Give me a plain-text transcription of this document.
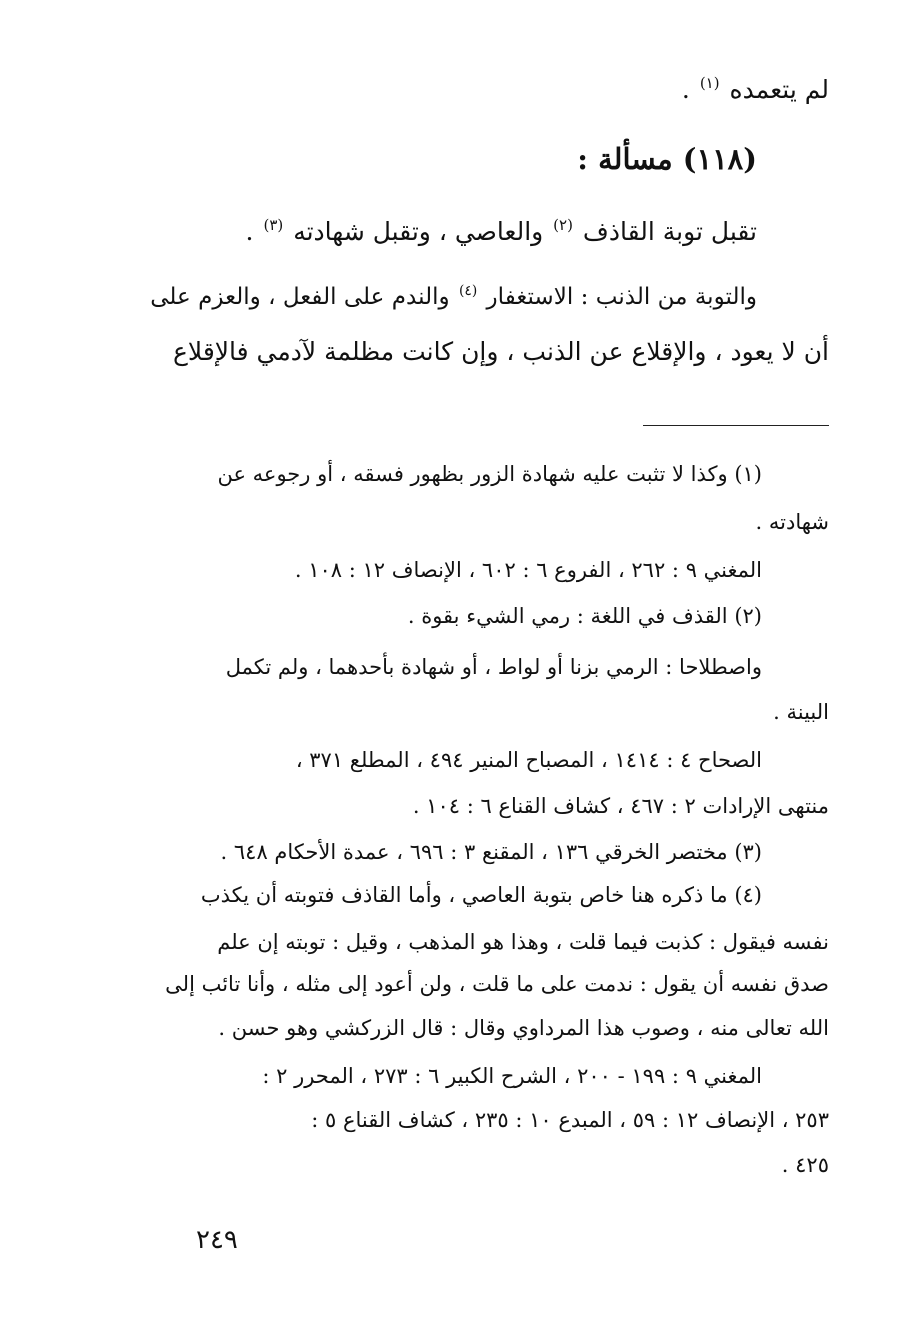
لم يتعمده $^{(١)}$ .
(١١٨) مسألة :
تقبل توبة القاذف $^{(٢)}$ والعاصي ، وتقبل شهادته $^{(٣)}$ .
والتوبة من الذنب : الاستغفار $^{(٤)}$ والندم على الفعل ، والعزم على
أن لا يعود ، والإقلاع عن الذنب ، وإن كانت مظلمة لآدمي فالإقلاع
(١) وكذا لا تثبت عليه شهادة الزور بظهور فسقه ، أو رجوعه عن
شهادته .
المغني ٩ : ٢٦٢ ، الفروع ٦ : ٦٠٢ ، الإنصاف ١٢ : ١٠٨ .
(٢) القذف في اللغة : رمي الشيء بقوة .
واصطلاحا : الرمي بزنا أو لواط ، أو شهادة بأحدهما ، ولم تكمل
البينة .
الصحاح ٤ : ١٤١٤ ، المصباح المنير ٤٩٤ ، المطلع ٣٧١ ،
منتهى الإرادات ٢ : ٤٦٧ ، كشاف القناع ٦ : ١٠٤ .
(٣) مختصر الخرقي ١٣٦ ، المقنع ٣ : ٦٩٦ ، عمدة الأحكام ٦٤٨ .
(٤) ما ذكره هنا خاص بتوبة العاصي ، وأما القاذف فتوبته أن يكذب
نفسه فيقول : كذبت فيما قلت ، وهذا هو المذهب ، وقيل : توبته إن علم
صدق نفسه أن يقول : ندمت على ما قلت ، ولن أعود إلى مثله ، وأنا تائب إلى
الله تعالى منه ، وصوب هذا المرداوي وقال : قال الزركشي وهو حسن .
المغني ٩ : ١٩٩ - ٢٠٠ ، الشرح الكبير ٦ : ٢٧٣ ، المحرر ٢ :
٢٥٣ ، الإنصاف ١٢ : ٥٩ ، المبدع ١٠ : ٢٣٥ ، كشاف القناع ٥ :
٤٢٥ .
٢٤٩
